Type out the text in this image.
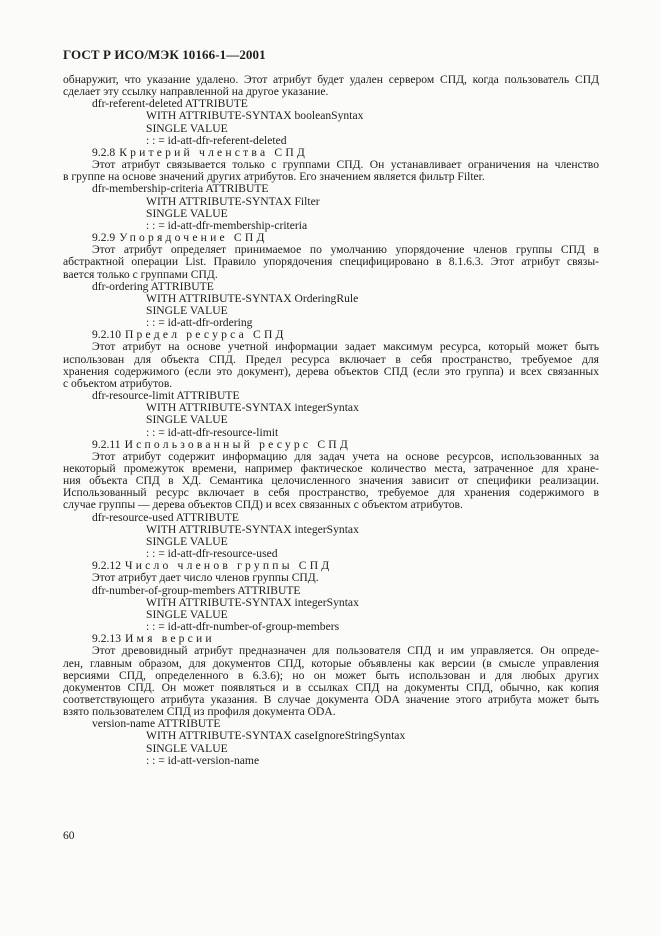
ГОСТ Р ИСО/МЭК 10166-1—2001
обнаружит, что указание удалено. Этот атрибут будет удален сервером СПД, когда пользователь СПД
сделает эту ссылку направленной на другое указание.
dfr-referent-deleted ATTRIBUTE
WITH ATTRIBUTE-SYNTAX booleanSyntax
SINGLE VALUE
: : = id-att-dfr-referent-deleted
9.2.8 Критерий членства СПД
Этот атрибут связывается только с группами СПД. Он устанавливает ограничения на членство
в группе на основе значений других атрибутов. Его значением является фильтр Filter.
dfr-membership-criteria ATTRIBUTE
WITH ATTRIBUTE-SYNTAX Filter
SINGLE VALUE
: : = id-att-dfr-membership-criteria
9.2.9 Упорядочение СПД
Этот атрибут определяет принимаемое по умолчанию упорядочение членов группы СПД в
абстрактной операции List. Правило упорядочения специфицировано в 8.1.6.3. Этот атрибут связы-
вается только с группами СПД.
dfr-ordering ATTRIBUTE
WITH ATTRIBUTE-SYNTAX OrderingRule
SINGLE VALUE
: : = id-att-dfr-ordering
9.2.10 Предел ресурса СПД
Этот атрибут на основе учетной информации задает максимум ресурса, который может быть
использован для объекта СПД. Предел ресурса включает в себя пространство, требуемое для
хранения содержимого (если это документ), дерева объектов СПД (если это группа) и всех связанных
с объектом атрибутов.
dfr-resource-limit ATTRIBUTE
WITH ATTRIBUTE-SYNTAX integerSyntax
SINGLE VALUE
: : = id-att-dfr-resource-limit
9.2.11 Использованный ресурс СПД
Этот атрибут содержит информацию для задач учета на основе ресурсов, использованных за
некоторый промежуток времени, например фактическое количество места, затраченное для хране-
ния объекта СПД в ХД. Семантика целочисленного значения зависит от специфики реализации.
Использованный ресурс включает в себя пространство, требуемое для хранения содержимого в
случае группы — дерева объектов СПД) и всех связанных с объектом атрибутов.
dfr-resource-used ATTRIBUTE
WITH ATTRIBUTE-SYNTAX integerSyntax
SINGLE VALUE
: : = id-att-dfr-resource-used
9.2.12 Число членов группы СПД
Этот атрибут дает число членов группы СПД.
dfr-number-of-group-members ATTRIBUTE
WITH ATTRIBUTE-SYNTAX integerSyntax
SINGLE VALUE
: : = id-att-dfr-number-of-group-members
9.2.13 Имя версии
Этот древовидный атрибут предназначен для пользователя СПД и им управляется. Он опреде-
лен, главным образом, для документов СПД, которые объявлены как версии (в смысле управления
версиями СПД, определенного в 6.3.6); но он может быть использован и для любых других
документов СПД. Он может появляться и в ссылках СПД на документы СПД, обычно, как копия
соответствующего атрибута указания. В случае документа ODA значение этого атрибута может быть
взято пользователем СПД из профиля документа ODA.
version-name ATTRIBUTE
WITH ATTRIBUTE-SYNTAX caseIgnoreStringSyntax
SINGLE VALUE
: : = id-att-version-name
60
